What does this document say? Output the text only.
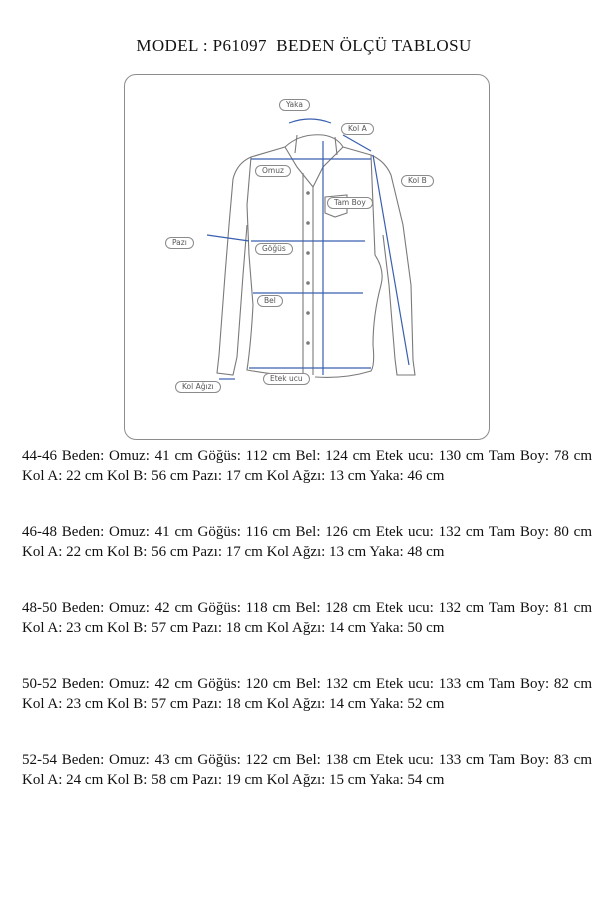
MODEL : P61097 BEDEN ÖLÇÜ TABLOSU
Yaka
Kol A
Kol B
Omuz
Tam Boy
Pazı
Göğüs
Bel
Etek ucu
Kol Ağızı

44-46 Beden: Omuz: 41 cm Göğüs: 112 cm Bel: 124 cm Etek ucu: 130 cm Tam Boy: 78 cm Kol A: 22 cm Kol B: 56 cm Pazı: 17 cm Kol Ağzı: 13 cm Yaka: 46 cm

46-48 Beden: Omuz: 41 cm Göğüs: 116 cm Bel: 126 cm Etek ucu: 132 cm Tam Boy: 80 cm Kol A: 22 cm Kol B: 56 cm Pazı: 17 cm Kol Ağzı: 13 cm Yaka: 48 cm

48-50 Beden: Omuz: 42 cm Göğüs: 118 cm Bel: 128 cm Etek ucu: 132 cm Tam Boy: 81 cm Kol A: 23 cm Kol B: 57 cm Pazı: 18 cm Kol Ağzı: 14 cm Yaka: 50 cm

50-52 Beden: Omuz: 42 cm Göğüs: 120 cm Bel: 132 cm Etek ucu: 133 cm Tam Boy: 82 cm Kol A: 23 cm Kol B: 57 cm Pazı: 18 cm Kol Ağzı: 14 cm Yaka: 52 cm

52-54 Beden: Omuz: 43 cm Göğüs: 122 cm Bel: 138 cm Etek ucu: 133 cm Tam Boy: 83 cm Kol A: 24 cm Kol B: 58 cm Pazı: 19 cm Kol Ağzı: 15 cm Yaka: 54 cm
